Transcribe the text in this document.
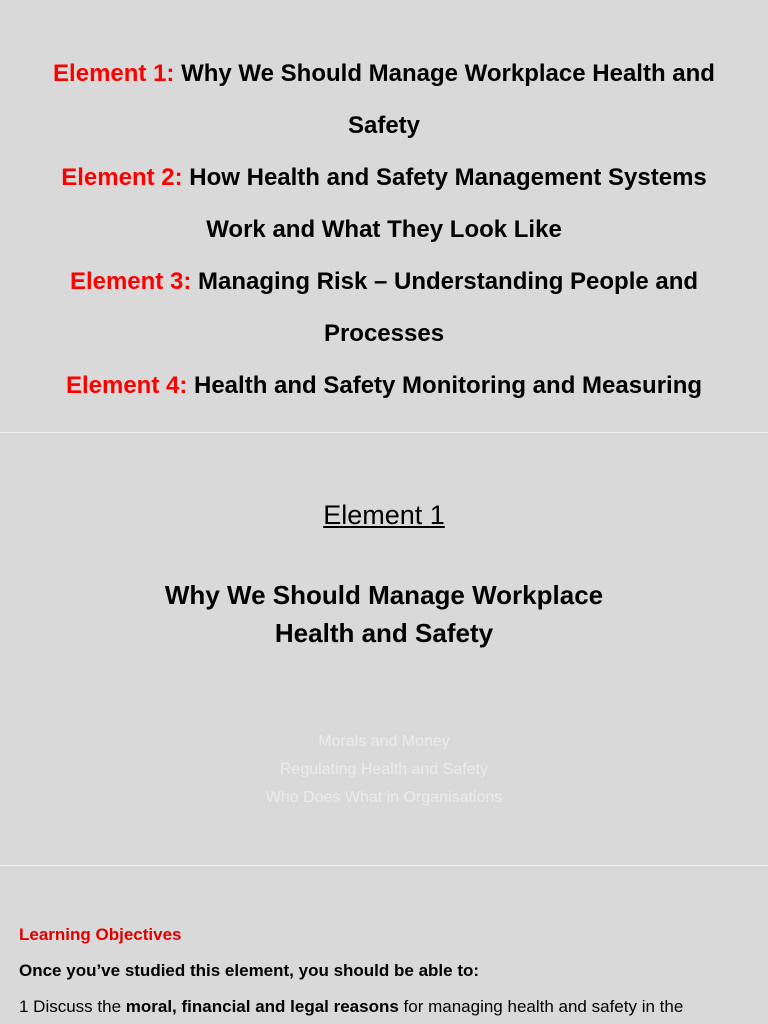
Element 1: Why We Should Manage Workplace Health and

Safety

Element 2: How Health and Safety Management Systems

Work and What They Look Like

Element 3: Managing Risk – Understanding People and

Processes

Element 4: Health and Safety Monitoring and Measuring

Element 1
Why We Should Manage Workplace
Health and Safety
Morals and Money
Regulating Health and Safety
Who Does What in Organisations
Learning Objectives
Once you’ve studied this element, you should be able to:
1 Discuss the moral, financial and legal reasons for managing health and safety in the
